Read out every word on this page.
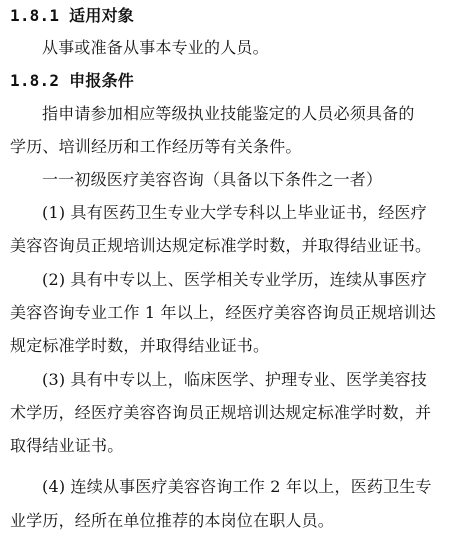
1.8.1 适用对象
从事或准备从事本专业的人员。
1.8.2 申报条件
指申请参加相应等级执业技能鉴定的人员必须具备的
学历、培训经历和工作经历等有关条件。
一一初级医疗美容咨询（具备以下条件之一者）
(1) 具有医药卫生专业大学专科以上毕业证书，经医疗
美容咨询员正规培训达规定标准学时数，并取得结业证书。
(2) 具有中专以上、医学相关专业学历，连续从事医疗
美容咨询专业工作 1 年以上，经医疗美容咨询员正规培训达
规定标准学时数，并取得结业证书。
(3) 具有中专以上，临床医学、护理专业、医学美容技
术学历，经医疗美容咨询员正规培训达规定标准学时数，并
取得结业证书。
(4) 连续从事医疗美容咨询工作 2 年以上，医药卫生专
业学历，经所在单位推荐的本岗位在职人员。
